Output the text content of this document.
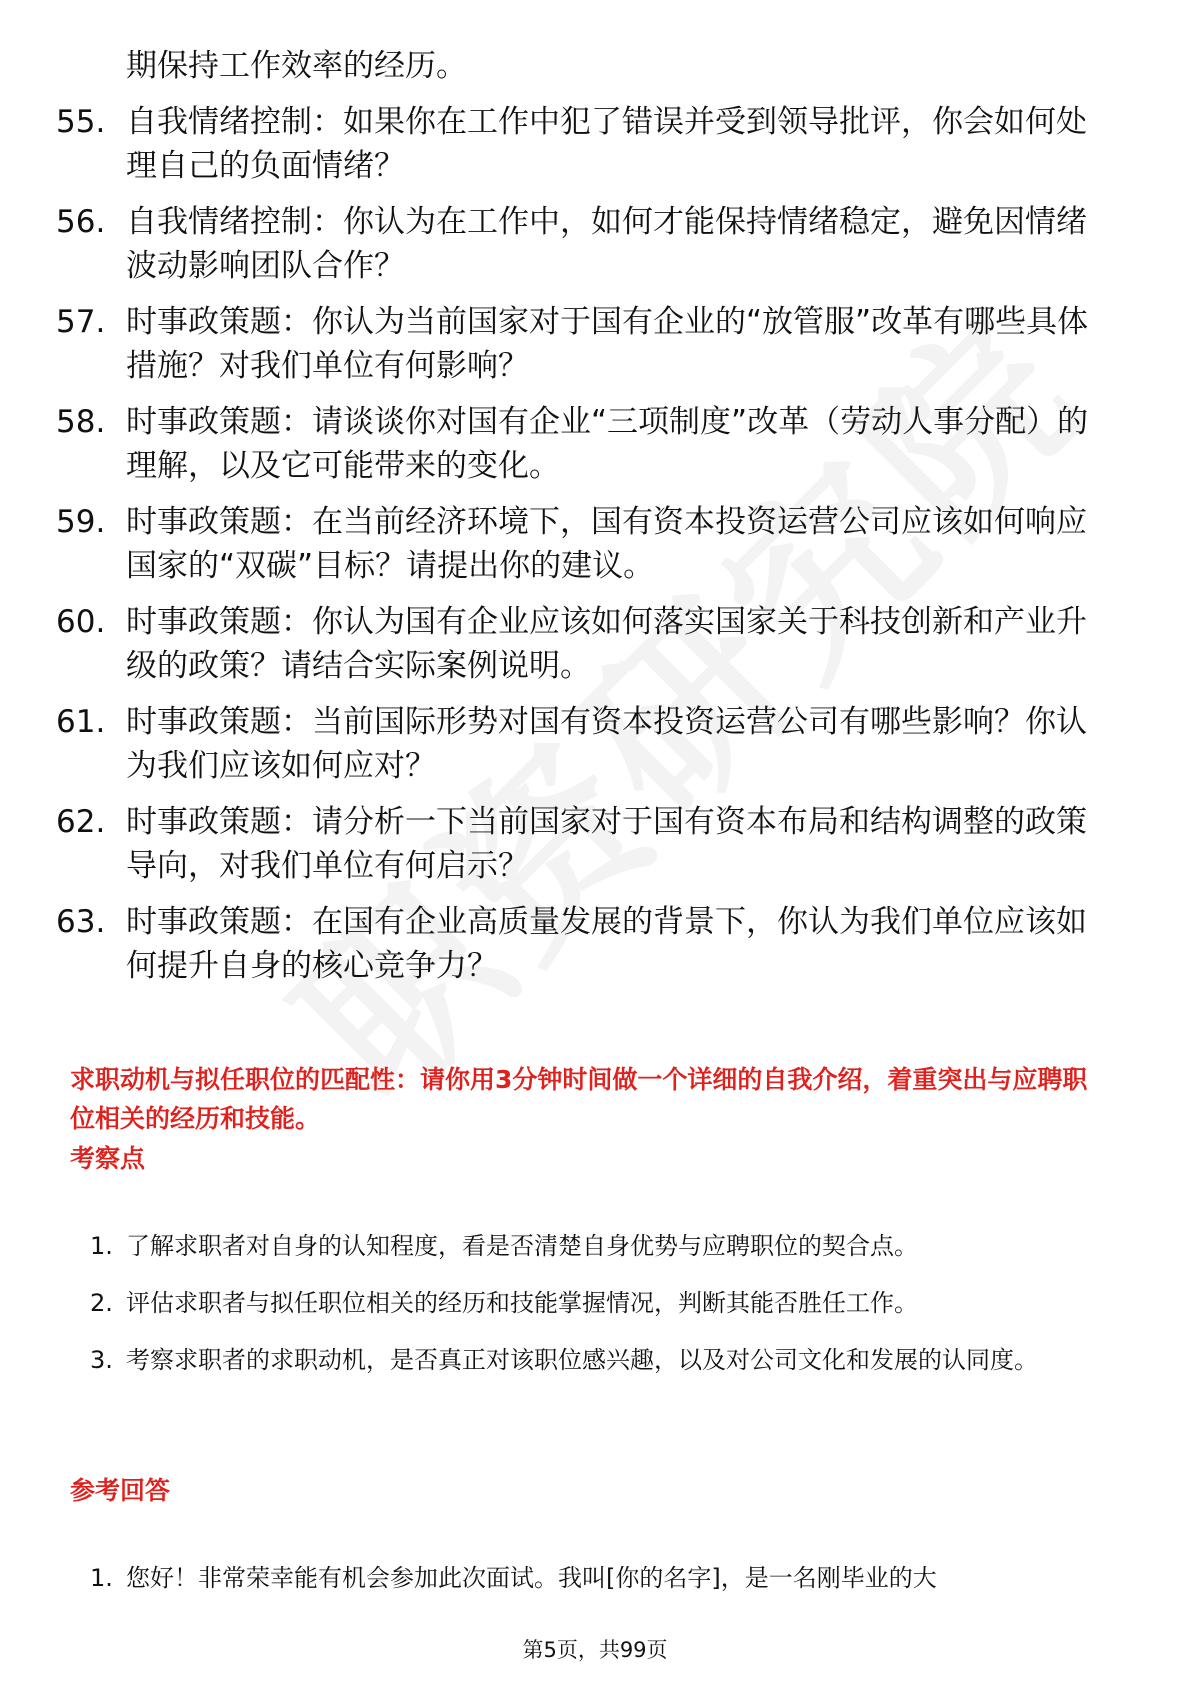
期保持工作效率的经历。
55. 自我情绪控制：如果你在工作中犯了错误并受到领导批评，你会如何处理自己的负面情绪？
56. 自我情绪控制：你认为在工作中，如何才能保持情绪稳定，避免因情绪波动影响团队合作？
57. 时事政策题：你认为当前国家对于国有企业的“放管服”改革有哪些具体措施？对我们单位有何影响？
58. 时事政策题：请谈谈你对国有企业“三项制度”改革（劳动人事分配）的理解，以及它可能带来的变化。
59. 时事政策题：在当前经济环境下，国有资本投资运营公司应该如何响应国家的“双碳”目标？请提出你的建议。
60. 时事政策题：你认为国有企业应该如何落实国家关于科技创新和产业升级的政策？请结合实际案例说明。
61. 时事政策题：当前国际形势对国有资本投资运营公司有哪些影响？你认为我们应该如何应对？
62. 时事政策题：请分析一下当前国家对于国有资本布局和结构调整的政策导向，对我们单位有何启示？
63. 时事政策题：在国有企业高质量发展的背景下，你认为我们单位应该如何提升自身的核心竞争力？
求职动机与拟任职位的匹配性：请你用3分钟时间做一个详细的自我介绍，着重突出与应聘职位相关的经历和技能。
考察点
1. 了解求职者对自身的认知程度，看是否清楚自身优势与应聘职位的契合点。
2. 评估求职者与拟任职位相关的经历和技能掌握情况，判断其能否胜任工作。
3. 考察求职者的求职动机，是否真正对该职位感兴趣，以及对公司文化和发展的认同度。
参考回答
1. 您好！非常荣幸能有机会参加此次面试。我叫[你的名字]，是一名刚毕业的大
第5页，共99页
